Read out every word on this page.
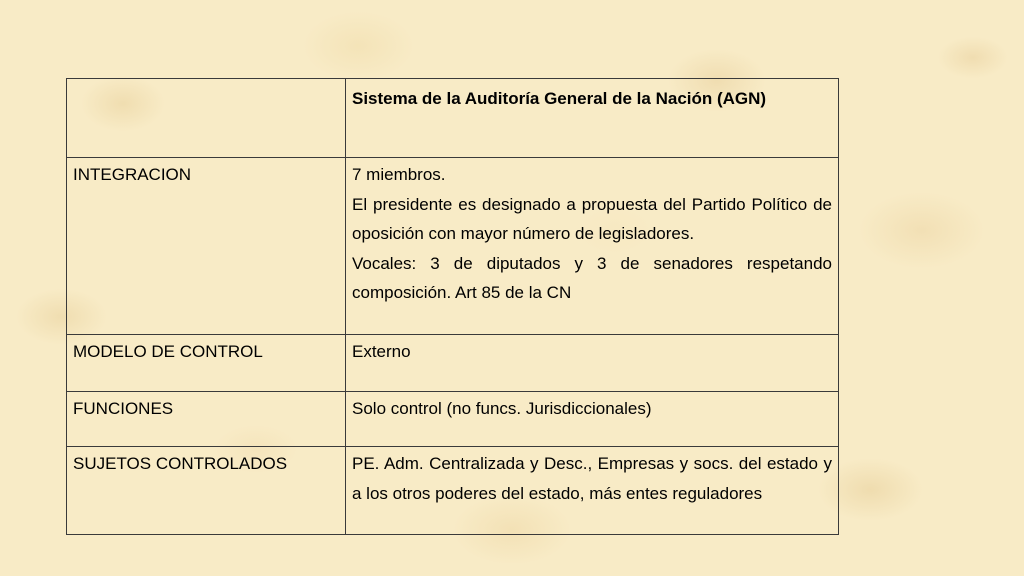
	Sistema de la Auditoría General de la Nación (AGN)
INTEGRACION	7 miembros.
El presidente es designado a propuesta del Partido Político de oposición con mayor número de legisladores.
Vocales: 3 de diputados y 3 de senadores respetando composición. Art 85 de la CN

MODELO DE CONTROL	Externo
FUNCIONES	Solo control (no funcs. Jurisdiccionales)
SUJETOS CONTROLADOS	PE. Adm. Centralizada y Desc., Empresas y socs. del estado y a los otros poderes del estado, más entes reguladores
